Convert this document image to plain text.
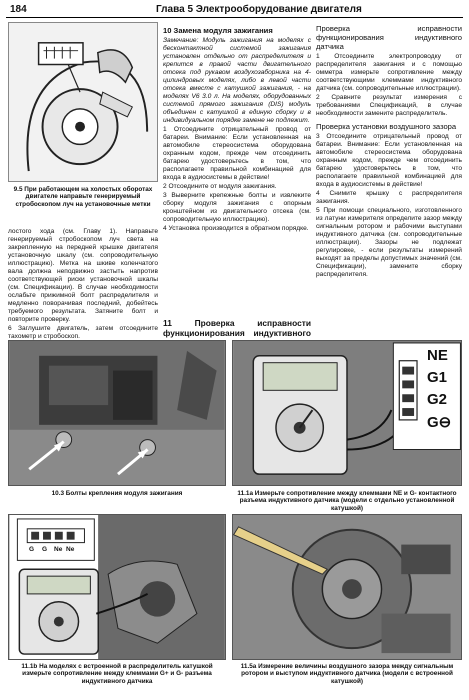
184	Глава 5 Электрооборудование двигателя
9.5 При работающем на холостых оборотах двигателе направьте генерируемый стробоскопом луч на установочные метки

лостого хода (см. Главу 1). Направьте генерируемый стробоскопом луч света на закрепленную на передней крышке двигателя установочную шкалу (см. сопроводительную иллюстрацию). Метка на шкиве коленчатого вала должна неподвижно застыть напротив соответствующей риски установочной шкалы (см. Спецификации). В случае необходимости ослабьте прижимной болт распределителя и медленно поворачивая последний, добейтесь требуемого результата. Затяните болт и повторите проверку.

6 Заглушите двигатель, затем отсоедините тахометр и стробоскоп.

10 Замена модуля зажигания

Замечание: Модуль зажигания на моделях с бесконтактной системой зажигания установлен отдельно от распределителя и крепится в правой части двигательного отсека под рукавом воздухозаборника на 4-цилиндровых моделях, либо в левой части отсека вместе с катушкой зажигания, - на моделях V6 3.0 л. На моделях, оборудованных системой прямого зажигания (DIS) модуль объединен с катушкой в единую сборку и в индивидуальном порядке замене не подлежит.

1 Отсоедините отрицательный провод от батареи. Внимание: Если установленная на автомобиле стереосистема оборудована охранным кодом, прежде чем отсоединить батарею удостоверьтесь в том, что располагаете правильной комбинацией для входа в аудиосистемы в действие!

2 Отсоедините от модуля зажигания.

3 Выверните крепежные болты и извлеките сборку модуля зажигания с опорным кронштейном из двигательного отсека (см. сопроводительную иллюстрацию).

4 Установка производится в обратном порядке.

11 Проверка исправности функционирования индуктивного
Проверка исправности функционирования индуктивного датчика

1 Отсоедините электропроводку от распределителя зажигания и с помощью омметра измерьте сопротивление между соответствующими клеммами индуктивного датчика (см. сопроводительные иллюстрации).

2 Сравните результат измерения с требованиями Спецификаций, в случае необходимости замените распределитель.

Проверка установки воздушного зазора

3 Отсоедините отрицательный провод от батареи. Внимание: Если установленная на автомобиле стереосистема оборудована охранным кодом, прежде чем отсоединить батарею удостоверьтесь в том, что располагаете правильной комбинацией для входа в аудиосистемы в действие!

4 Снимите крышку с распределителя зажигания.

5 При помощи специального, изготовленного из латуни измерителя определите зазор между сигнальным ротором и рабочими выступами индуктивного датчика (см. сопроводительные иллюстрации). Зазоры не подлежат регулировке, - если результаты измерений выходят за пределы допустимых значений (см. Спецификации), замените сборку распределителя.

10.3 Болты крепления модуля зажигания
NE
G1
G2
G⊖
11.1а Измерьте сопротивление между клеммами NE и G- контактного разъема индуктивного датчика (модели с отдельно установленной катушкой)
G G Ne Ne
11.1b На моделях с встроенной в распределитель катушкой измерьте сопротивление между клеммами G+ и G- разъема индуктивного датчика
11.5а Измерение величины воздушного зазора между сигнальным ротором и выступом индуктивного датчика (модели с встроенной катушкой)
